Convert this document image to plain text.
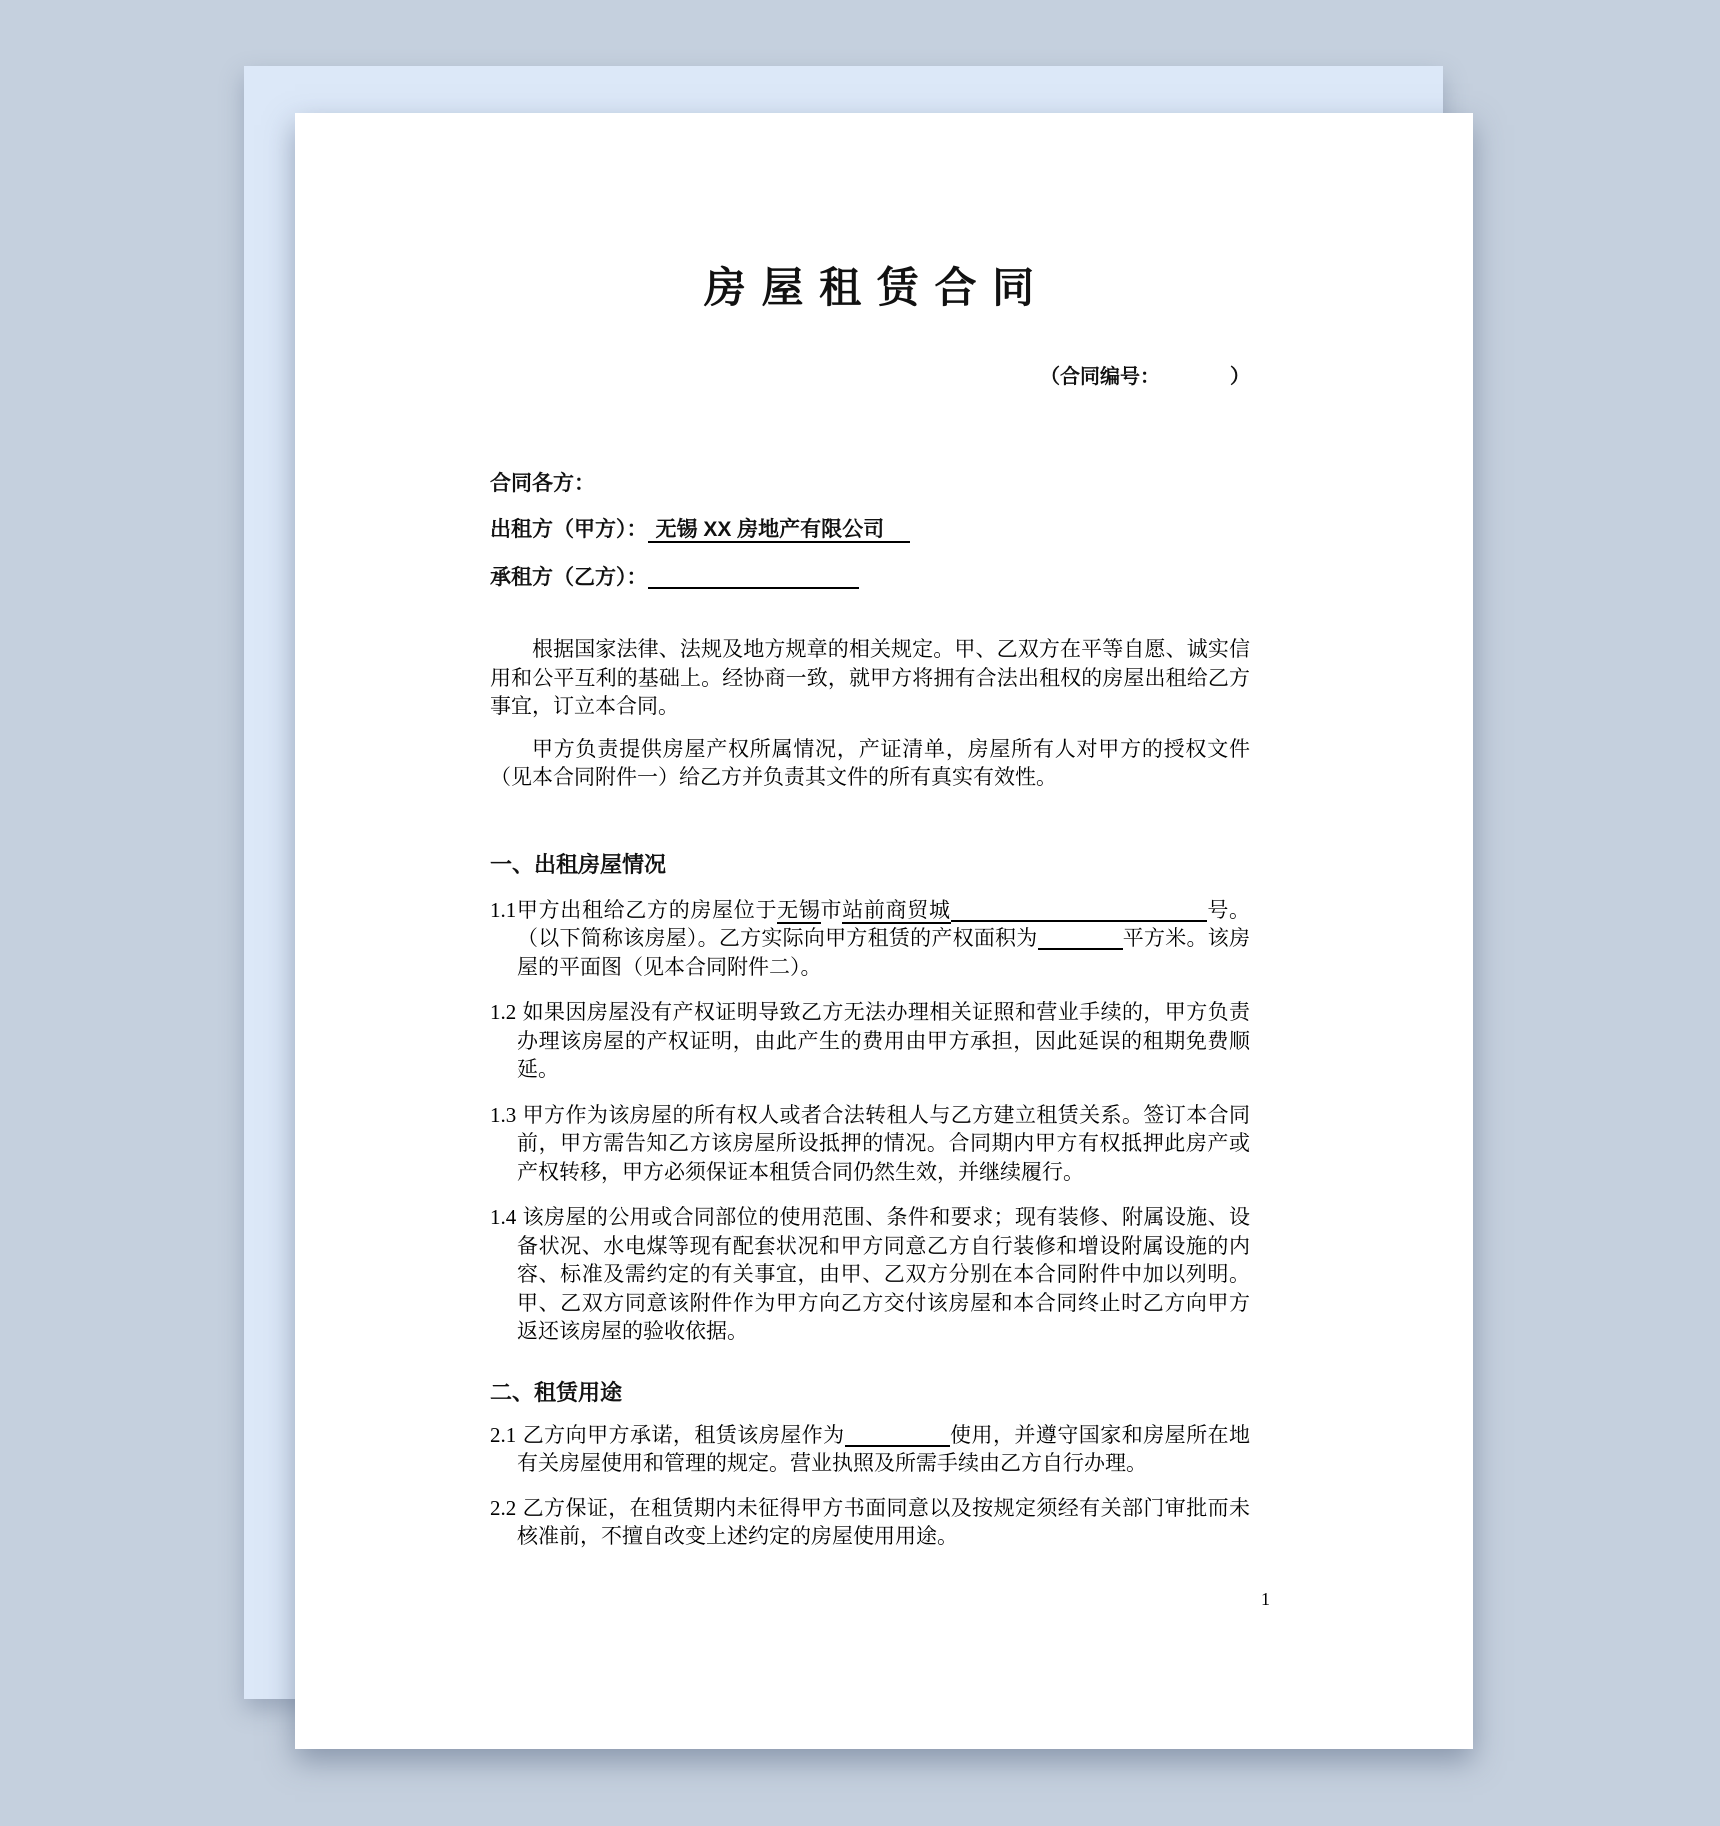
房 屋 租 赁 合 同
（合同编号：　　　　）
合同各方：
出租方（甲方）： 无锡 XX 房地产有限公司
承租方（乙方）：

根据国家法律、法规及地方规章的相关规定。甲、乙双方在平等自愿、诚实信用和公平互利的基础上。经协商一致，就甲方将拥有合法出租权的房屋出租给乙方事宜，订立本合同。

甲方负责提供房屋产权所属情况，产证清单，房屋所有人对甲方的授权文件（见本合同附件一）给乙方并负责其文件的所有真实有效性。

一、出租房屋情况

1.1甲方出租给乙方的房屋位于无锡市站前商贸城	号。（以下简称该房屋）。乙方实际向甲方租赁的产权面积为	平方米。该房屋的平面图（见本合同附件二）。

1.2 如果因房屋没有产权证明导致乙方无法办理相关证照和营业手续的，甲方负责办理该房屋的产权证明，由此产生的费用由甲方承担，因此延误的租期免费顺延。

1.3 甲方作为该房屋的所有权人或者合法转租人与乙方建立租赁关系。签订本合同前，甲方需告知乙方该房屋所设抵押的情况。合同期内甲方有权抵押此房产或产权转移，甲方必须保证本租赁合同仍然生效，并继续履行。

1.4 该房屋的公用或合同部位的使用范围、条件和要求；现有装修、附属设施、设备状况、水电煤等现有配套状况和甲方同意乙方自行装修和增设附属设施的内容、标准及需约定的有关事宜，由甲、乙双方分别在本合同附件中加以列明。甲、乙双方同意该附件作为甲方向乙方交付该房屋和本合同终止时乙方向甲方返还该房屋的验收依据。

二、租赁用途

2.1 乙方向甲方承诺，租赁该房屋作为	使用，并遵守国家和房屋所在地有关房屋使用和管理的规定。营业执照及所需手续由乙方自行办理。

2.2 乙方保证，在租赁期内未征得甲方书面同意以及按规定须经有关部门审批而未核准前，不擅自改变上述约定的房屋使用用途。

1
